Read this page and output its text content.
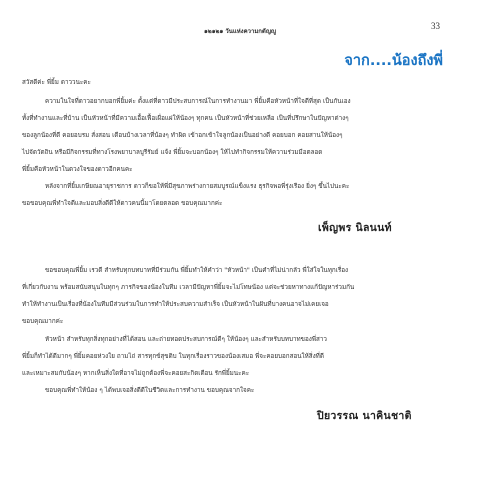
๑๒๑๒๑ วันแห่งความกตัญญู
33
จาก....น้องถึงพี่
สวัสดีค่ะ พี่ยิ้ม ดาววนะคะ
ความในใจที่ดาวอยากบอกพี่ยิ้มค่ะ ตั้งแต่ที่ดาวมีประสบการณ์ในการทำงานมา พี่ยิ้มคือหัวหน้าที่ใจดีที่สุด เป็นกันเอง
ทั้งที่ทำงานและที่บ้าน เป็นหัวหน้าที่มีความเอื้อเฟื้อเผื่อแผ่ให้น้องๆ ทุกคน เป็นหัวหน้าที่ช่วยเหลือ เป็นที่ปรึกษาในปัญหาต่างๆ
ของลูกน้องที่ดี คอยอบรม สั่งสอน เตือนบ้างเวลาที่น้องๆ ทำผิด เข้าอกเข้าใจลูกน้องเป็นอย่างดี คอยบอก คอยสานให้น้องๆ
ไปจัดวัตถิน หรือมีกิจกรรมที่ทางโรงพยาบาลบูรีรัมย์ แจ้ง พี่ยิ้มจะบอกน้องๆ ให้ไปทำกิจกรรมให้ความร่วมมือตลอด
พี่ยิ้มคือหัวหน้าในดวงใจของดาวอีกคนคะ
หลังจากที่ยิ้มเกษียณอายุราชการ ดาวก็ขอให้พี่มีสุขภาพร่างกายสมบูรณ์แข็งแรง ธุรกิจพอพี่รุ่งเรือง ยิ่งๆ ขึ้นไปนะคะ
ขอขอบคุณพี่ทำใจดีและมอบสิ่งดีดีให้ดาวคนนี้มาโดยตลอด ขอบคุณมากค่ะ
เพ็ญพร นิลนนท์
ขอขอบคุณพี่ยิ้ม เรวดี สำหรับทุกบทบาทที่มีร่วมกัน พี่ยิ้มทำให้คำว่า "หัวหน้า" เป็นคำที่ไม่น่ากลัว พี่ใส่ใจในทุกเรื่อง
ที่เกี่ยวกับงาน พร้อมสนับสนุนในทุกๆ ภารกิจของน้องในทีม เวลามีปัญหาพี่ยิ้มจะไม่โทษน้อง แต่จะช่วยหาทางแก้ปัญหาร่วมกัน
ทำให้ทำงานเป็นเรื่องที่น้องในทีมมีส่วนร่วมในการทำให้ประสบความสำเร็จ เป็นหัวหน้าในฝันที่บางคนอาจไม่เคยเจอ
ขอบคุณมากค่ะ
หัวหน้า สำหรับทุกสิ่งทุกอย่างที่ได้สอน และถ่ายทอดประสบการณ์ดีๆ ให้น้องๆ และสำหรับบทบาทของพี่สาว
พี่ยิ้มก็ทำได้ดีมากๆ พี่ยิ้มคอยห่วงใย ถามไถ่ สารทุกข์สุขดิบ ในทุกเรื่องราวของน้องเสมอ พี่จะคอยบอกสอนให้สิ่งที่ดี
และเหมาะสมกับน้องๆ หากเห็นสิ่งใดที่อาจไม่ถูกต้องพี่จะคอยสะกิดเตือน รักพี่ยิ้มนะคะ
ขอบคุณพี่ทำให้น้อง ๆ ได้พบเจอสิ่งดีดีในชีวิตและการทำงาน ขอบคุณจากใจคะ
ปิยวรรณ นาคินชาติ
